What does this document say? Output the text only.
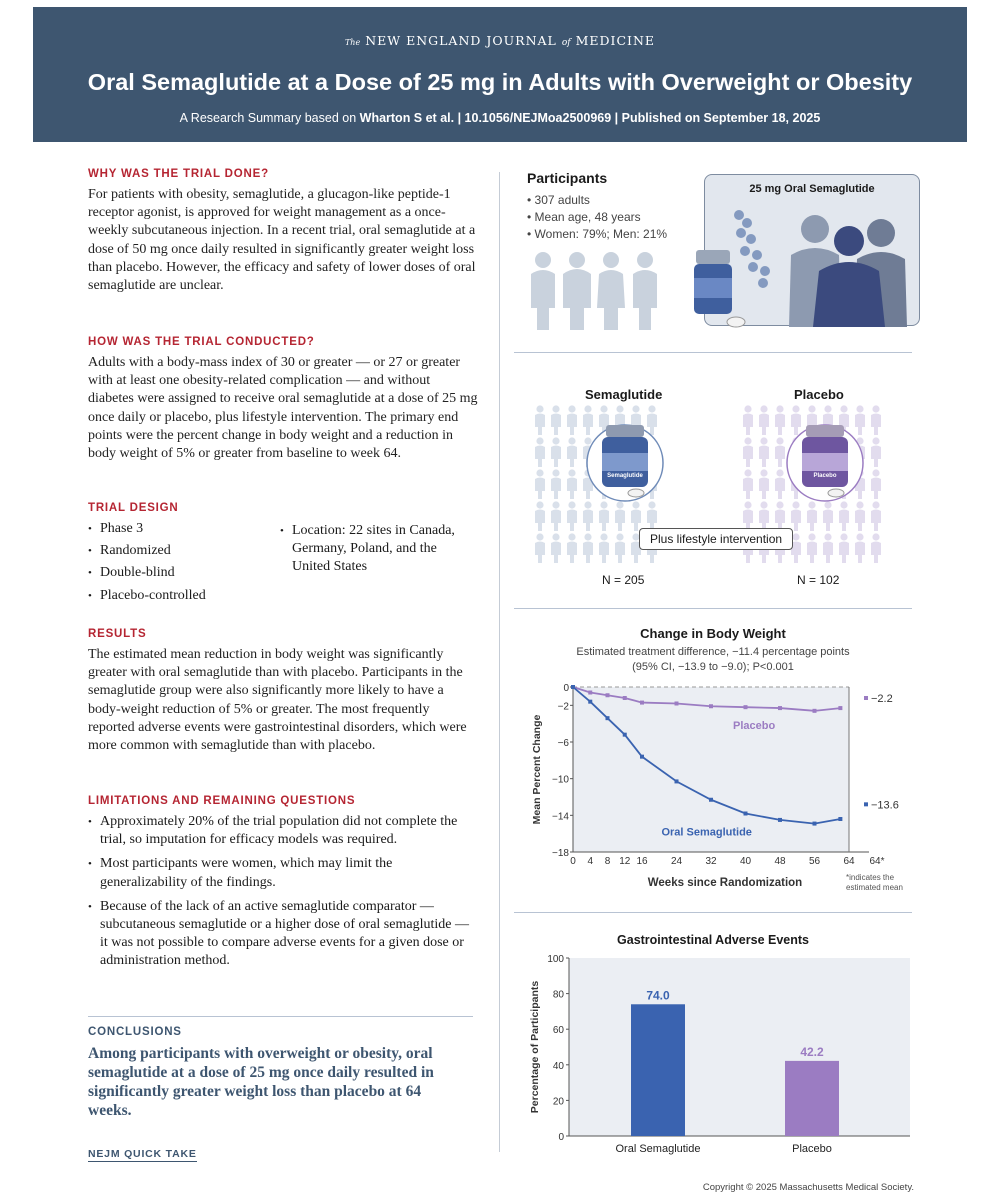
The NEW ENGLAND JOURNAL of MEDICINE
Oral Semaglutide at a Dose of 25 mg in Adults with Overweight or Obesity
A Research Summary based on Wharton S et al. | 10.1056/NEJMoa2500969 | Published on September 18, 2025
WHY WAS THE TRIAL DONE?
For patients with obesity, semaglutide, a glucagon-like peptide-1 receptor agonist, is approved for weight management as a once-weekly subcutaneous injection. In a recent trial, oral semaglutide at a dose of 50 mg once daily resulted in significantly greater weight loss than placebo. However, the efficacy and safety of lower doses of oral semaglutide are unclear.
HOW WAS THE TRIAL CONDUCTED?
Adults with a body-mass index of 30 or greater — or 27 or greater with at least one obesity-related complication — and without diabetes were assigned to receive oral semaglutide at a dose of 25 mg once daily or placebo, plus lifestyle intervention. The primary end points were the percent change in body weight and a reduction in body weight of 5% or greater from baseline to week 64.
TRIAL DESIGN
• Phase 3
• Randomized
• Double-blind
• Placebo-controlled
• Location: 22 sites in Canada, Germany, Poland, and the United States
RESULTS
The estimated mean reduction in body weight was significantly greater with oral semaglutide than with placebo. Participants in the semaglutide group were also significantly more likely to have a body-weight reduction of 5% or greater. The most frequently reported adverse events were gastrointestinal disorders, which were more common with semaglutide than with placebo.
LIMITATIONS AND REMAINING QUESTIONS
• Approximately 20% of the trial population did not complete the trial, so imputation for efficacy models was required.
• Most participants were women, which may limit the generalizability of the findings.
• Because of the lack of an active semaglutide comparator — subcutaneous semaglutide or a higher dose of oral semaglutide — it was not possible to compare adverse events for a given dose or administration method.
CONCLUSIONS
Among participants with overweight or obesity, oral semaglutide at a dose of 25 mg once daily resulted in significantly greater weight loss than placebo at 64 weeks.
NEJM QUICK TAKE
Participants
• 307 adults
• Mean age, 48 years
• Women: 79%; Men: 21%
25 mg Oral Semaglutide
Semaglutide	Placebo
Semaglutide	Placebo
Plus lifestyle intervention
N = 205	N = 102
Change in Body Weight
Estimated treatment difference, −11.4 percentage points
(95% CI, −13.9 to −9.0); P<0.001
0
−2
−6
−10
−14
−18
0 4 8 12 16 24 32 40 48 56 64 64*
Mean Percent Change
−2.2
−13.6
Placebo
Oral Semaglutide
Weeks since Randomization	*indicates the estimated mean
Gastrointestinal Adverse Events
0
20
40
60
80
100
Percentage of Participants	74.0
Oral Semaglutide
42.2
Placebo
Copyright © 2025 Massachusetts Medical Society.
